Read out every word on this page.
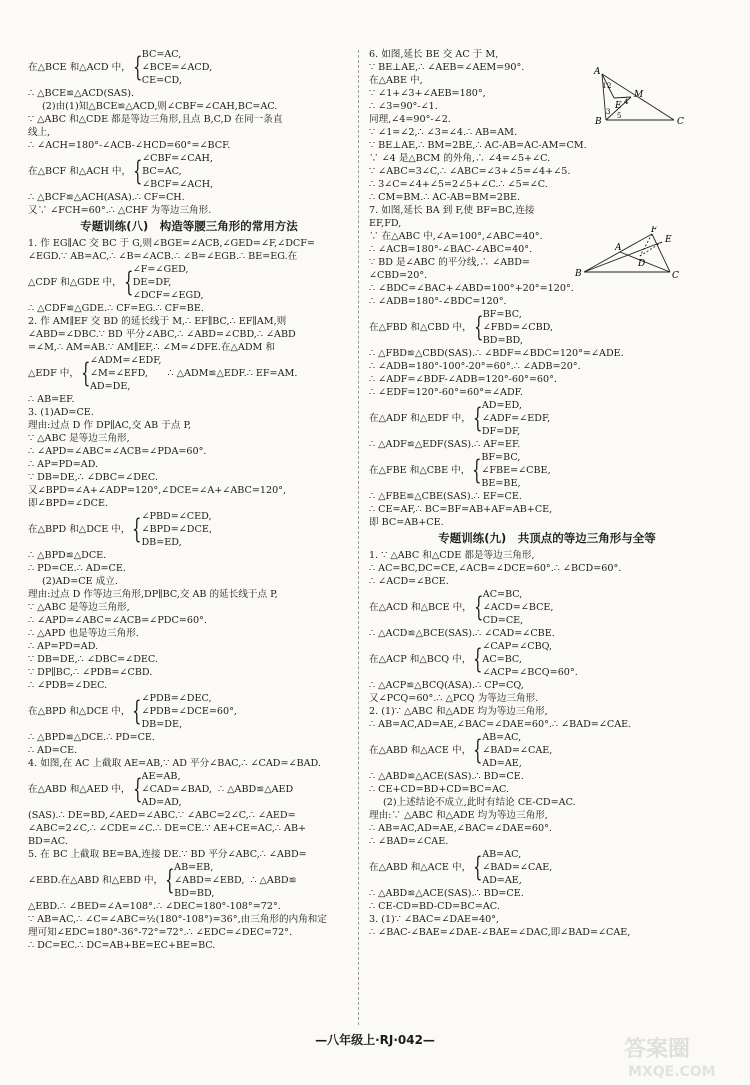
在△BCE 和△ACD 中， { BC=AC,
∠BCE=∠ACD,
CE=CD,
∴ △BCE≌△ACD(SAS).
(2)由(1)知△BCE≌△ACD,则∠CBF=∠CAH,BC=AC.
∵ △ABC 和△CDE 都是等边三角形,且点 B,C,D 在同一条直
线上,
∴ ∠ACH=180°-∠ACB-∠HCD=60°=∠BCF.
在△BCF 和△ACH 中， { ∠CBF=∠CAH,
BC=AC,
∠BCF=∠ACH,
∴ △BCF≌△ACH(ASA).∴ CF=CH.
又∵ ∠FCH=60°.∴ △CHF 为等边三角形.
专题训练(八)　构造等腰三角形的常用方法
1. 作 EG∥AC 交 BC 于 G,则∠BGE=∠ACB,∠GED=∠F,∠DCF=
∠EGD.∵ AB=AC,∴ ∠B=∠ACB.∴ ∠B=∠EGB.∴ BE=EG.在
△CDF 和△GDE 中， { ∠F=∠GED,
DE=DF,
∠DCF=∠EGD,
∴ △CDF≌△GDE.∴ CF=EG.∴ CF=BE.
2. 作 AM∥EF 交 BD 的延长线于 M,∴ EF∥BC,∴ EF∥AM,则
∠ABD=∠DBC.∵ BD 平分∠ABC,∴ ∠ABD=∠CBD,∴ ∠ABD
=∠M,∴ AM=AB.∵ AM∥EF,∴ ∠M=∠DFE.在△ADM 和
△EDF 中， { ∠ADM=∠EDF,
∠M=∠EFD,
AD=DE,
∴ △ADM≌△EDF.∴ EF=AM.
∴ AB=EF.
3. (1)AD=CE.
理由:过点 D 作 DP∥AC,交 AB 于点 P,
∵ △ABC 是等边三角形,
∴ ∠APD=∠ABC=∠ACB=∠PDA=60°.
∴ AP=PD=AD.
∵ DB=DE,∴ ∠DBC=∠DEC.
又∠BPD=∠A+∠ADP=120°,∠DCE=∠A+∠ABC=120°,
即∠BPD=∠DCE.
在△BPD 和△DCE 中， { ∠PBD=∠CED,
∠BPD=∠DCE,
DB=ED,
∴ △BPD≌△DCE.
∴ PD=CE.∴ AD=CE.
(2)AD=CE 成立.
理由:过点 D 作等边三角形,DP∥BC,交 AB 的延长线于点 P,
∵ △ABC 是等边三角形,
∴ ∠APD=∠ABC=∠ACB=∠PDC=60°.
∴ △APD 也是等边三角形.
∴ AP=PD=AD.
∵ DB=DE,∴ ∠DBC=∠DEC.
∵ DP∥BC,∴ ∠PDB=∠CBD.
∴ ∠PDB=∠DEC.
在△BPD 和△DCE 中， { ∠PDB=∠DEC,
∠PDB=∠DCE=60°,
DB=DE,
∴ △BPD≌△DCE.∴ PD=CE.
∴ AD=CE.
4. 如图,在 AC 上截取 AE=AB,∵ AD 平分∠BAC,∴ ∠CAD=∠BAD.
在△ABD 和△AED 中， { AE=AB,
∠CAD=∠BAD,
AD=AD,
∴ △ABD≌△AED
(SAS).∴ DE=BD,∠AED=∠ABC.∵ ∠ABC=2∠C,∴ ∠AED=
∠ABC=2∠C,∴ ∠CDE=∠C.∴ DE=CE.∵ AE+CE=AC,∴ AB+
BD=AC.
5. 在 BC 上截取 BE=BA,连接 DE.∵ BD 平分∠ABC,∴ ∠ABD=
∠EBD.在△ABD 和△EBD 中， { AB=EB,
∠ABD=∠EBD,
BD=BD,
∴ △ABD≌
△EBD.∴ ∠BED=∠A=108°.∴ ∠DEC=180°-108°=72°.
∵ AB=AC,∴ ∠C=∠ABC=½(180°-108°)=36°,由三角形的内角和定
理可知∠EDC=180°-36°-72°=72°.∴ ∠EDC=∠DEC=72°.
∴ DC=EC.∴ DC=AB+BE=EC+BE=BC.
6. 如图,延长 BE 交 AC 于 M,
∵ BE⊥AE,∴ ∠AEB=∠AEM=90°.
在△ABE 中,
∵ ∠1+∠3+∠AEB=180°,
∴ ∠3=90°-∠1.
同理,∠4=90°-∠2.
∵ ∠1=∠2,∴ ∠3=∠4.∴ AB=AM.
∵ BE⊥AE,∴ BM=2BE,∴ AC-AB=AC-AM=CM.
∵ ∠4 是△BCM 的外角,∴ ∠4=∠5+∠C.
∵ ∠ABC=3∠C,∴ ∠ABC=∠3+∠5=∠4+∠5.
∴ 3∠C=∠4+∠5=2∠5+∠C.∴ ∠5=∠C.
∴ CM=BM.∴ AC-AB=BM=2BE.
7. 如图,延长 BA 到 F,使 BF=BC,连接
EF,FD,
∵ 在△ABC 中,∠A=100°,∠ABC=40°.
∴ ∠ACB=180°-∠BAC-∠ABC=40°.
∵ BD 是∠ABC 的平分线,∴ ∠ABD=
∠CBD=20°.
∴ ∠BDC=∠BAC+∠ABD=100°+20°=120°.
∴ ∠ADB=180°-∠BDC=120°.
在△FBD 和△CBD 中， { BF=BC,
∠FBD=∠CBD,
BD=BD,
∴ △FBD≌△CBD(SAS).∴ ∠BDF=∠BDC=120°=∠ADE.
∴ ∠ADB=180°-100°-20°=60°.∴ ∠ADB=20°.
∴ ∠ADF=∠BDF-∠ADB=120°-60°=60°.
∴ ∠EDF=120°-60°=60°=∠ADF.
在△ADF 和△EDF 中， { AD=ED,
∠ADF=∠EDF,
DF=DF,
∴ △ADF≌△EDF(SAS).∴ AF=EF.
在△FBE 和△CBE 中， { BF=BC,
∠FBE=∠CBE,
BE=BE,
∴ △FBE≌△CBE(SAS).∴ EF=CE.
∴ CE=AF,∴ BC=BF=AB+AF=AB+CE,
即 BC=AB+CE.
专题训练(九)　共顶点的等边三角形与全等
1. ∵ △ABC 和△CDE 都是等边三角形,
∴ AC=BC,DC=CE,∠ACB=∠DCE=60°.∴ ∠BCD=60°.
∴ ∠ACD=∠BCE.
在△ACD 和△BCE 中， { AC=BC,
∠ACD=∠BCE,
CD=CE,
∴ △ACD≌△BCE(SAS).∴ ∠CAD=∠CBE.
在△ACP 和△BCQ 中， { ∠CAP=∠CBQ,
AC=BC,
∠ACP=∠BCQ=60°.
∴ △ACP≌△BCQ(ASA).∴ CP=CQ,
又∠PCQ=60°.∴ △PCQ 为等边三角形.
2. (1)∵ △ABC 和△ADE 均为等边三角形,
∴ AB=AC,AD=AE,∠BAC=∠DAE=60°.∴ ∠BAD=∠CAE.
在△ABD 和△ACE 中， { AB=AC,
∠BAD=∠CAE,
AD=AE,
∴ △ABD≌△ACE(SAS).∴ BD=CE.
∴ CE+CD=BD+CD=BC=AC.
(2)上述结论不成立,此时有结论 CE-CD=AC.
理由:∵ △ABC 和△ADE 均为等边三角形,
∴ AB=AC,AD=AE,∠BAC=∠DAE=60°.
∴ ∠BAD=∠CAE.
在△ABD 和△ACE 中， { AB=AC,
∠BAD=∠CAE,
AD=AE,
∴ △ABD≌△ACE(SAS).∴ BD=CE.
∴ CE-CD=BD-CD=BC=AC.
3. (1)∵ ∠BAC=∠DAE=40°,
∴ ∠BAC-∠BAE=∠DAE-∠BAE=∠DAC,即∠BAD=∠CAE,
A
B	C
E
M
1 2
3
4
5
F
A
B	C
D
E
—八年级上·RJ·042—	答案圈
MXQE.COM
